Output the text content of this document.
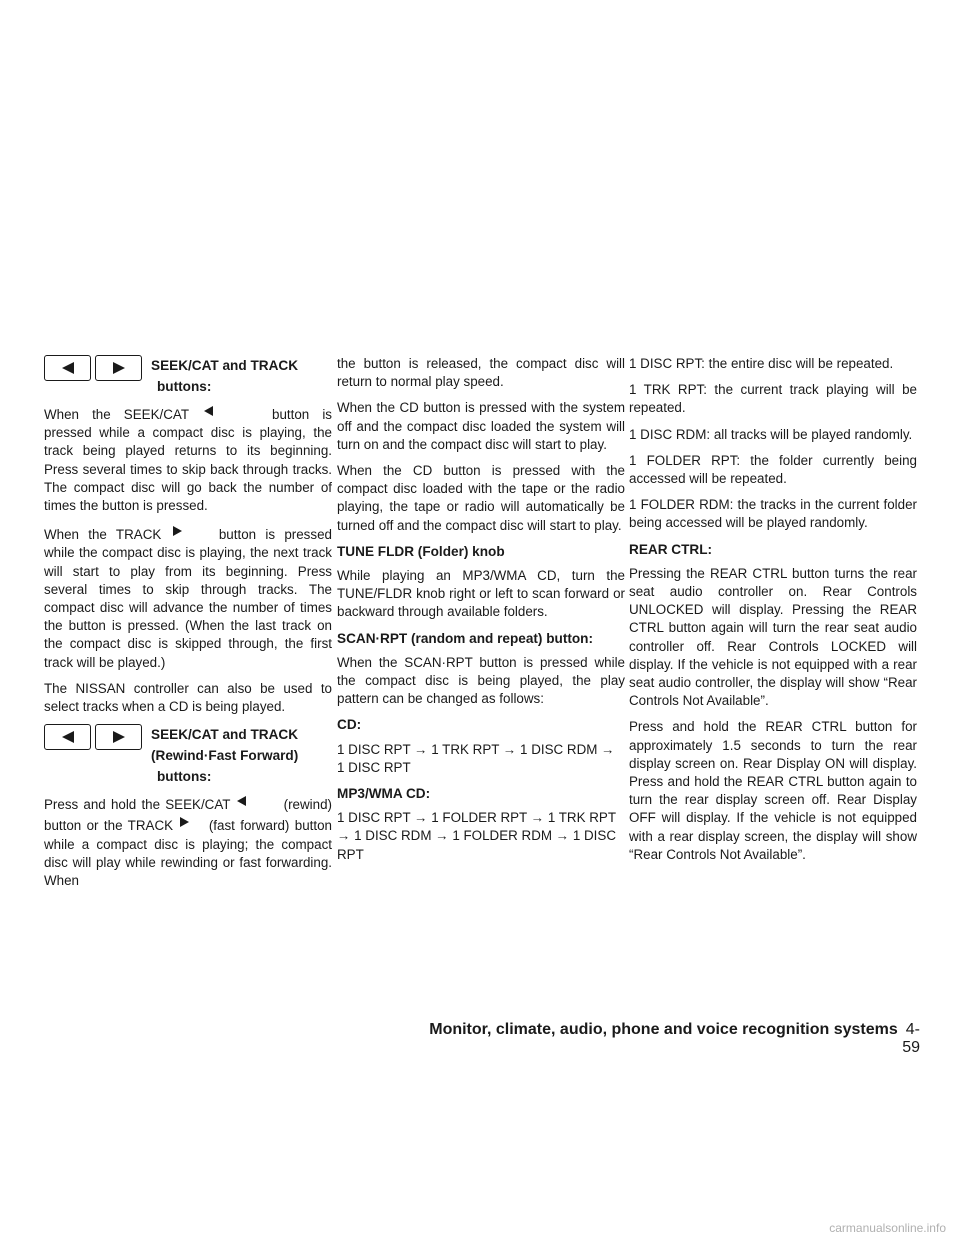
SEEK/CAT and TRACK
buttons:

When the SEEK/CAT	button is pressed while a compact disc is playing, the track being played returns to its beginning. Press several times to skip back through tracks. The compact disc will go back the number of times the button is pressed.

When the TRACK	button is pressed while the compact disc is playing, the next track will start to play from its beginning. Press several times to skip through tracks. The compact disc will advance the number of times the button is pressed. (When the last track on the compact disc is skipped through, the first track will be played.)

The NISSAN controller can also be used to select tracks when a CD is being played.

SEEK/CAT and TRACK
(Rewind·Fast Forward)
buttons:

Press and hold the SEEK/CAT	(rewind) button or the TRACK	(fast forward) button while a compact disc is playing; the compact disc will play while rewinding or fast forwarding. When

the button is released, the compact disc will return to normal play speed.

When the CD button is pressed with the system off and the compact disc loaded the system will turn on and the compact disc will start to play.

When the CD button is pressed with the compact disc loaded with the tape or the radio playing, the tape or radio will automatically be turned off and the compact disc will start to play.

TUNE FLDR (Folder) knob

While playing an MP3/WMA CD, turn the TUNE/FLDR knob right or left to scan forward or backward through available folders.

SCAN·RPT (random and repeat) button:

When the SCAN·RPT button is pressed while the compact disc is being played, the play pattern can be changed as follows:

CD:

1 DISC RPT → 1 TRK RPT → 1 DISC RDM → 1 DISC RPT

MP3/WMA CD:

1 DISC RPT → 1 FOLDER RPT → 1 TRK RPT → 1 DISC RDM → 1 FOLDER RDM → 1 DISC RPT

1 DISC RPT: the entire disc will be repeated.

1 TRK RPT: the current track playing will be repeated.

1 DISC RDM: all tracks will be played randomly.

1 FOLDER RPT: the folder currently being accessed will be repeated.

1 FOLDER RDM: the tracks in the current folder being accessed will be played randomly.

REAR CTRL:

Pressing the REAR CTRL button turns the rear seat audio controller on. Rear Controls UNLOCKED will display. Pressing the REAR CTRL button again will turn the rear seat audio controller off. Rear Controls LOCKED will display. If the vehicle is not equipped with a rear seat audio controller, the display will show “Rear Controls Not Available”.

Press and hold the REAR CTRL button for approximately 1.5 seconds to turn the rear display screen on. Rear Display ON will display. Press and hold the REAR CTRL button again to turn the rear display screen off. Rear Display OFF will display. If the vehicle is not equipped with a rear display screen, the display will show “Rear Controls Not Available”.

Monitor, climate, audio, phone and voice recognition systems 4-59
carmanualsonline.info
